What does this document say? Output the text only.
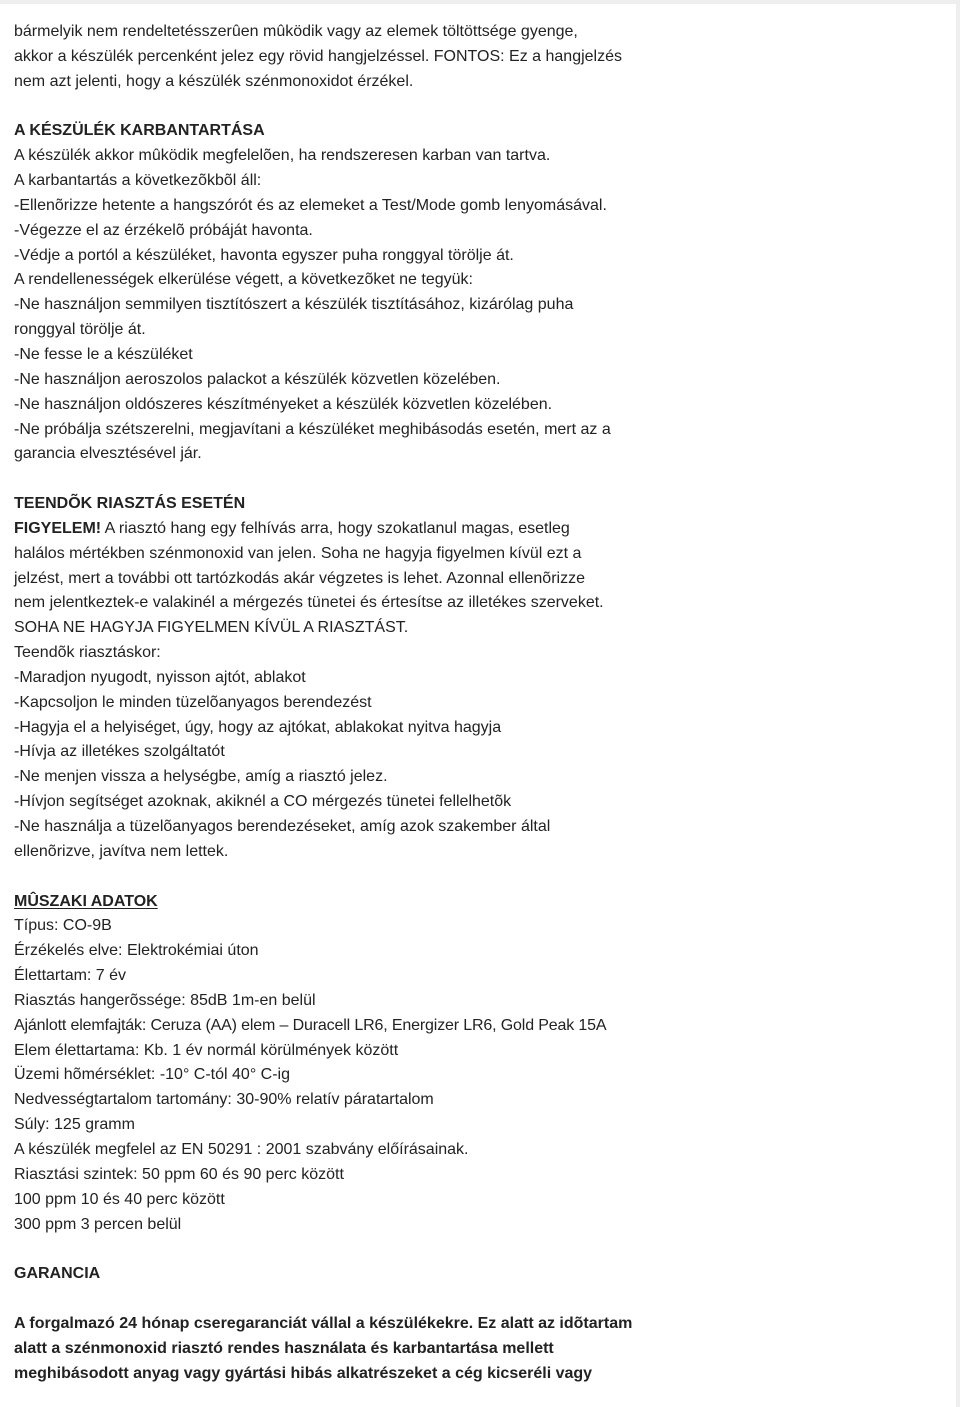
bármelyik nem rendeltetésszerûen mûködik vagy az elemek töltöttsége gyenge,
akkor a készülék percenként jelez egy rövid hangjelzéssel. FONTOS: Ez a hangjelzés
nem azt jelenti, hogy a készülék szénmonoxidot érzékel.
A KÉSZÜLÉK KARBANTARTÁSA
A készülék akkor mûködik megfelelõen, ha rendszeresen karban van tartva.
A karbantartás a következõkbõl áll:
-Ellenõrizze hetente a hangszórót és az elemeket a Test/Mode gomb lenyomásával.
-Végezze el az érzékelõ próbáját havonta.
-Védje a portól a készüléket, havonta egyszer puha ronggyal törölje át.
A rendellenességek elkerülése végett, a következõket ne tegyük:
-Ne használjon semmilyen tisztítószert a készülék tisztításához, kizárólag puha
ronggyal törölje át.
-Ne fesse le a készüléket
-Ne használjon aeroszolos palackot a készülék közvetlen közelében.
-Ne használjon oldószeres készítményeket a készülék közvetlen közelében.
-Ne próbálja szétszerelni, megjavítani a készüléket meghibásodás esetén, mert az a
garancia elvesztésével jár.
TEENDÕK RIASZTÁS ESETÉN
FIGYELEM! A riasztó hang egy felhívás arra, hogy szokatlanul magas, esetleg
halálos mértékben szénmonoxid van jelen. Soha ne hagyja figyelmen kívül ezt a
jelzést, mert a további ott tartózkodás akár végzetes is lehet. Azonnal ellenõrizze
nem jelentkeztek-e valakinél a mérgezés tünetei és értesítse az illetékes szerveket.
SOHA NE HAGYJA FIGYELMEN KÍVÜL A RIASZTÁST.
Teendõk riasztáskor:
-Maradjon nyugodt, nyisson ajtót, ablakot
-Kapcsoljon le minden tüzelõanyagos berendezést
-Hagyja el a helyiséget, úgy, hogy az ajtókat, ablakokat nyitva hagyja
-Hívja az illetékes szolgáltatót
-Ne menjen vissza a helységbe, amíg a riasztó jelez.
-Hívjon segítséget azoknak, akiknél a CO mérgezés tünetei fellelhetõk
-Ne használja a tüzelõanyagos berendezéseket, amíg azok szakember által
ellenõrizve, javítva nem lettek.
MÛSZAKI ADATOK
Típus: CO-9B
Érzékelés elve: Elektrokémiai úton
Élettartam: 7 év
Riasztás hangerõssége: 85dB 1m-en belül
Ajánlott elemfajták: Ceruza (AA) elem – Duracell LR6, Energizer LR6, Gold Peak 15A
Elem élettartama: Kb. 1 év normál körülmények között
Üzemi hõmérséklet: -10° C-tól 40° C-ig
Nedvességtartalom tartomány: 30-90% relatív páratartalom
Súly: 125 gramm
A készülék megfelel az EN 50291 : 2001 szabvány előírásainak.
Riasztási szintek: 50 ppm 60 és 90 perc között
100 ppm 10 és 40 perc között
300 ppm 3 percen belül
GARANCIA
A forgalmazó 24 hónap cseregaranciát vállal a készülékekre. Ez alatt az idõtartam
alatt a szénmonoxid riasztó rendes használata és karbantartása mellett
meghibásodott anyag vagy gyártási hibás alkatrészeket a cég kicseréli vagy
